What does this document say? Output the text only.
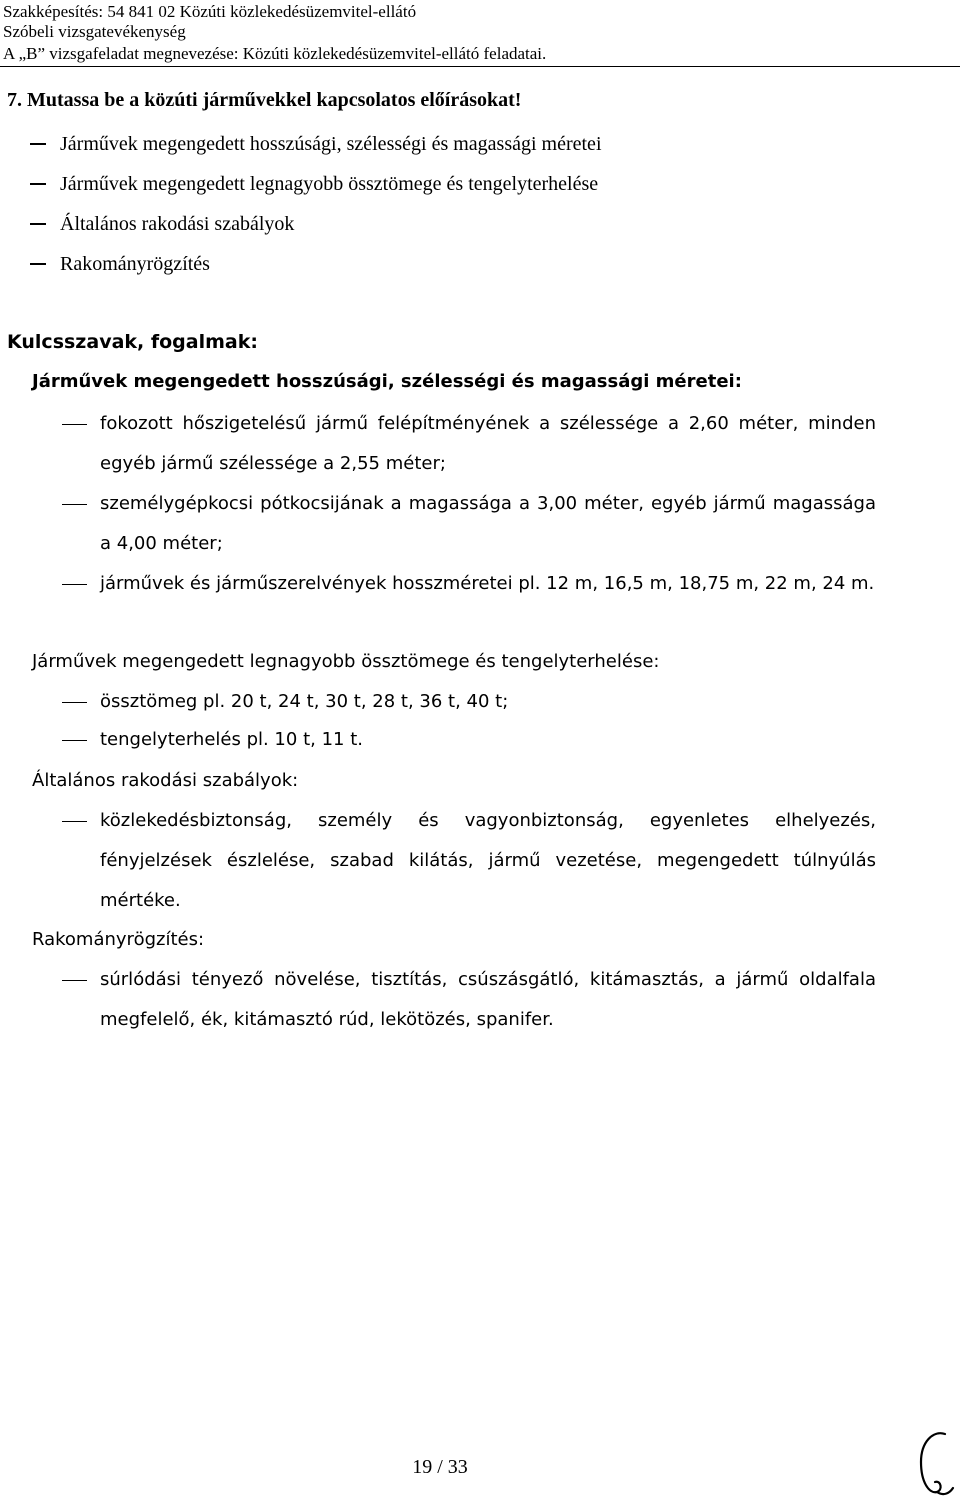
Szakképesítés: 54 841 02 Közúti közlekedésüzemvitel-ellátó
Szóbeli vizsgatevékenység
A „B” vizsgafeladat megnevezése: Közúti közlekedésüzemvitel-ellátó feladatai.
7. Mutassa be a közúti járművekkel kapcsolatos előírásokat!
Járművek megengedett hosszúsági, szélességi és magassági méretei
Járművek megengedett legnagyobb össztömege és tengelyterhelése
Általános rakodási szabályok
Rakományrögzítés
Kulcsszavak, fogalmak:
Járművek megengedett hosszúsági, szélességi és magassági méretei:
fokozott hőszigetelésű jármű felépítményének a szélessége a 2,60 méter, minden egyéb jármű szélessége a 2,55 méter;
személygépkocsi pótkocsijának a magassága a 3,00 méter, egyéb jármű magassága a 4,00 méter;
járművek és járműszerelvények hosszméretei pl. 12 m, 16,5 m, 18,75 m, 22 m, 24 m.
Járművek megengedett legnagyobb össztömege és tengelyterhelése:
össztömeg pl. 20 t, 24 t, 30 t, 28 t, 36 t, 40 t;
tengelyterhelés pl. 10 t, 11 t.
Általános rakodási szabályok:
közlekedésbiztonság, személy és vagyonbiztonság, egyenletes elhelyezés, fényjelzések észlelése, szabad kilátás, jármű vezetése, megengedett túlnyúlás mértéke.
Rakományrögzítés:
súrlódási tényező növelése, tisztítás, csúszásgátló, kitámasztás, a jármű oldalfala megfelelő, ék, kitámasztó rúd, lekötözés, spanifer.
19 / 33
